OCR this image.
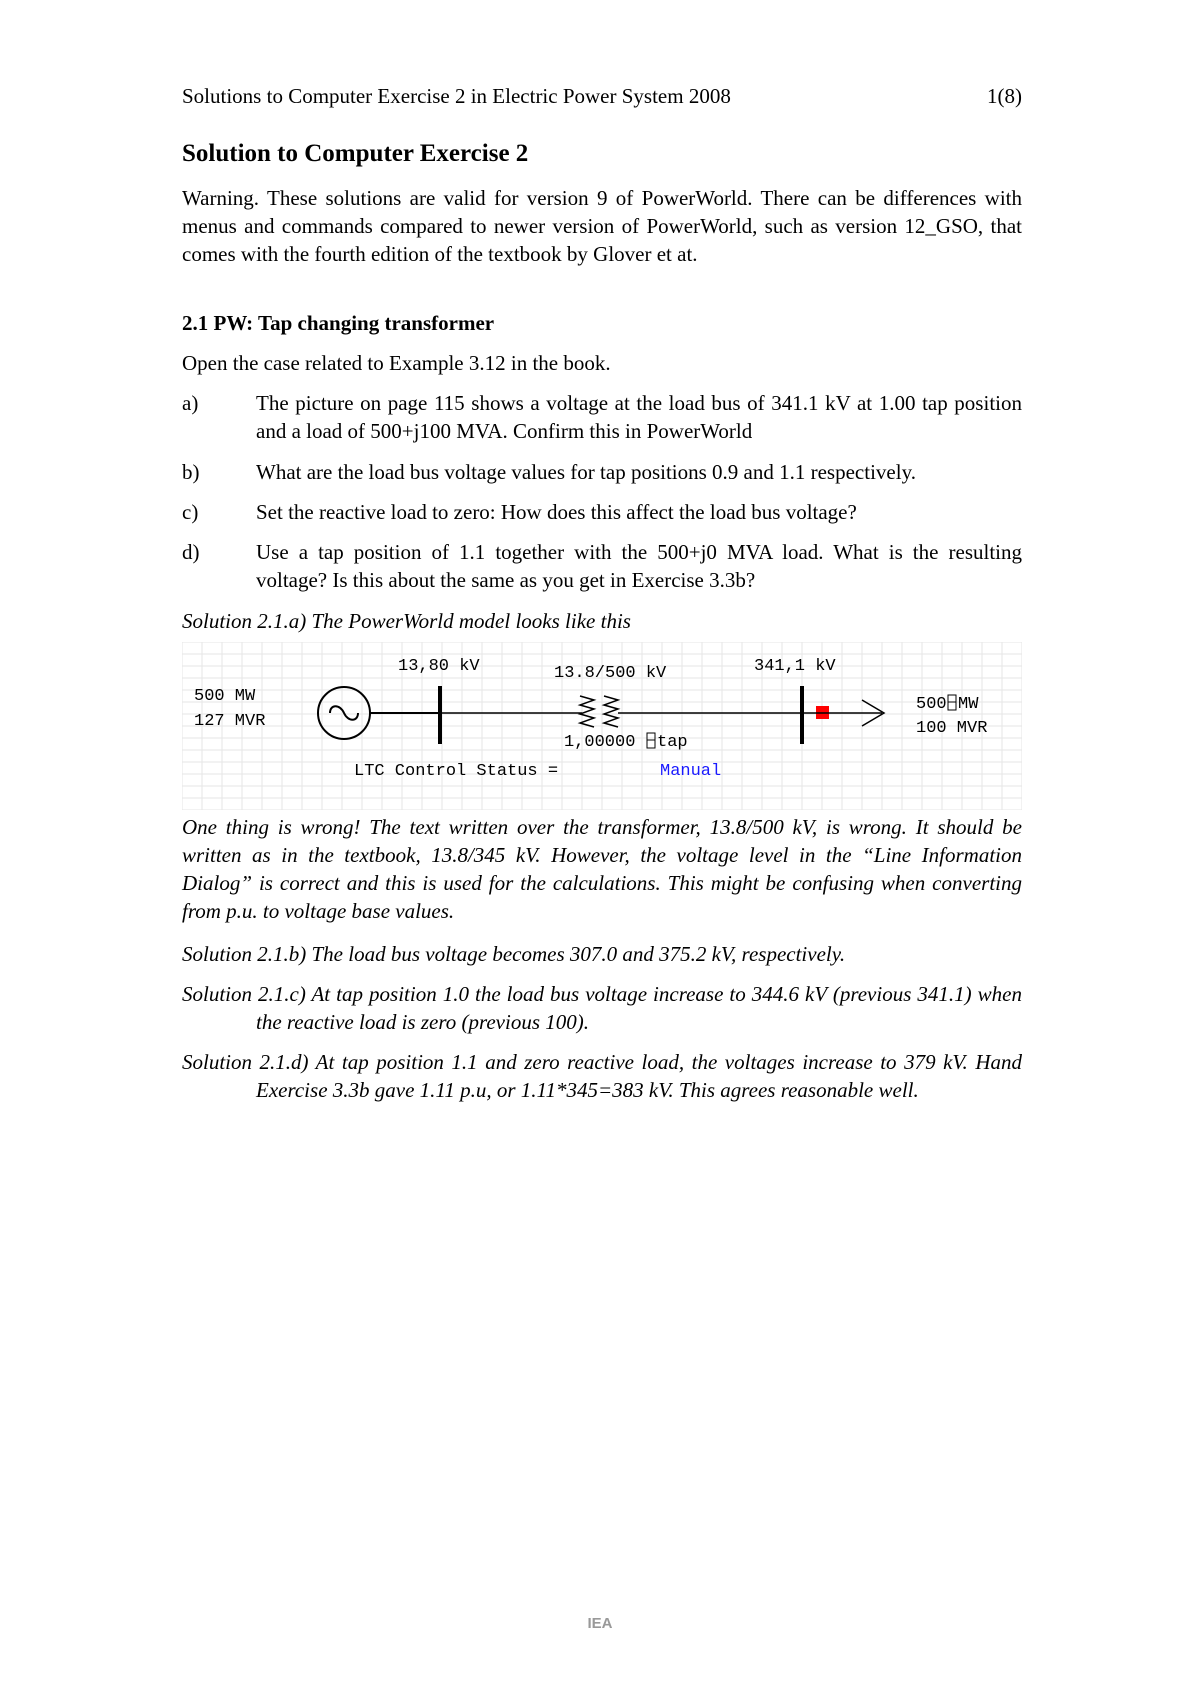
Solutions to Computer Exercise 2 in Electric Power System 2008	1(8)
Solution to Computer Exercise 2
Warning. These solutions are valid for version 9 of PowerWorld. There can be differences with menus and commands compared to newer version of PowerWorld, such as version 12_GSO, that comes with the fourth edition of the textbook by Glover et at.
2.1 PW: Tap changing transformer
Open the case related to Example 3.12 in the book.
a)	The picture on page 115 shows a voltage at the load bus of 341.1 kV at 1.00 tap position and a load of 500+j100 MVA. Confirm this in PowerWorld
b)	What are the load bus voltage values for tap positions 0.9 and 1.1 respectively.
c)	Set the reactive load to zero: How does this affect the load bus voltage?
d)	Use a tap position of 1.1 together with the 500+j0 MVA load. What is the resulting voltage? Is this about the same as you get in Exercise 3.3b?
Solution 2.1.a) The PowerWorld model looks like this
500 MW
127 MVR
13,80 kV	13.8/500 kV
1,00000 tap
341,1 kV
500 MW
100 MVR
LTC Control Status =	Manual
One thing is wrong! The text written over the transformer, 13.8/500 kV, is wrong. It should be written as in the textbook, 13.8/345 kV. However, the voltage level in the “Line Information Dialog” is correct and this is used for the calculations. This might be confusing when converting from p.u. to voltage base values.
Solution 2.1.b) The load bus voltage becomes 307.0 and 375.2 kV, respectively.
Solution 2.1.c) At tap position 1.0 the load bus voltage increase to 344.6 kV (previous 341.1) when the reactive load is zero (previous 100).
Solution 2.1.d) At tap position 1.1 and zero reactive load, the voltages increase to 379 kV. Hand Exercise 3.3b gave 1.11 p.u, or 1.11*345=383 kV. This agrees reasonable well.
IEA
